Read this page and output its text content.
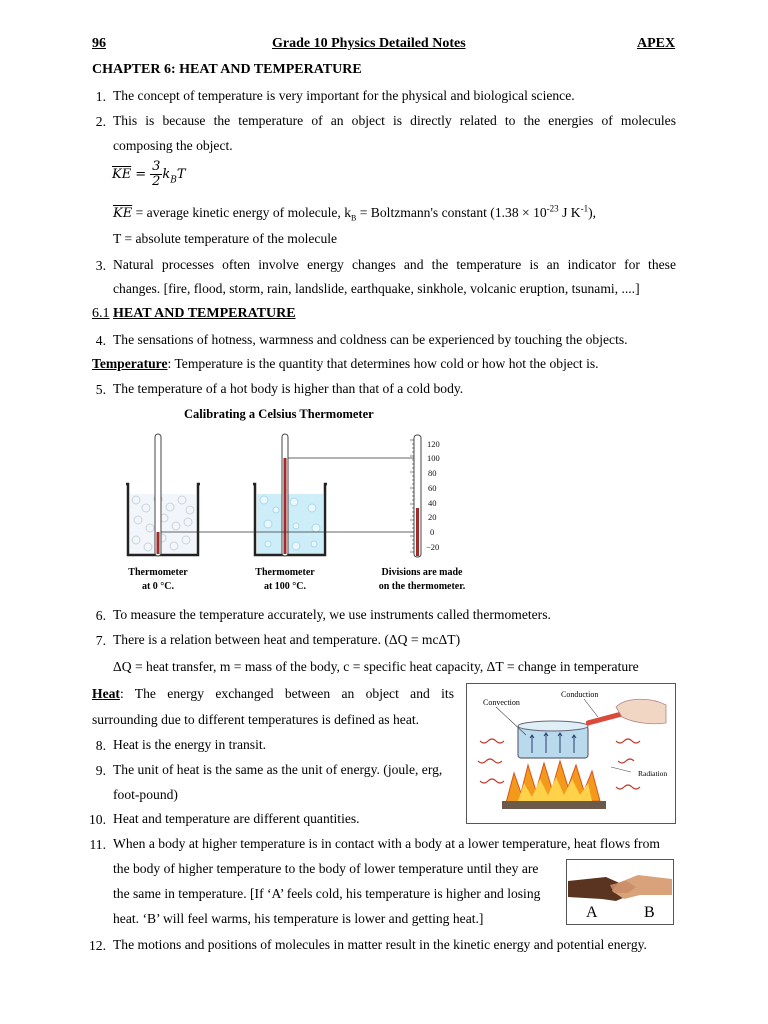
96	Grade 10 Physics Detailed Notes	APEX
CHAPTER 6: HEAT AND TEMPERATURE
1. The concept of temperature is very important for the physical and biological science.
2. This is because the temperature of an object is directly related to the energies of molecules
composing the object.
$\overline{KE} = \frac{3}{2} k_BT$
$\overline{KE}$ = average kinetic energy of molecule, $k_B$ = Boltzmann's constant ($1.38 \times 10^{-23}$ J $K^{-1}$),
T = absolute temperature of the molecule
3. Natural processes often involve energy changes and the temperature is an indicator for these
changes. [fire, flood, storm, rain, landslide, earthquake, sinkhole, volcanic eruption, tsunami, ....]
6.1 HEAT AND TEMPERATURE
4. The sensations of hotness, warmness and coldness can be experienced by touching the objects.
Temperature: Temperature is the quantity that determines how cold or how hot the object is.
5. The temperature of a hot body is higher than that of a cold body.
Calibrating a Celsius Thermometer
120
100
80
60
40
20
0
−20
Thermometer
at 0 °C.
Thermometer
at 100 °C.
Divisions are made
on the thermometer.
6. To measure the temperature accurately, we use instruments called thermometers.
7. There is a relation between heat and temperature. (ΔQ = mcΔT)
ΔQ = heat transfer, m = mass of the body, c = specific heat capacity, ΔT = change in temperature
Heat: The energy exchanged between an object and its
surrounding due to different temperatures is defined as heat.
8. Heat is the energy in transit.
9. The unit of heat is the same as the unit of energy. (joule, erg,
foot-pound)
10. Heat and temperature are different quantities.
Convection
Conduction
Radiation
11. When a body at higher temperature is in contact with a body at a lower temperature, heat flows from
the body of higher temperature to the body of lower temperature until they are
the same in temperature. [If ‘A’ feels cold, his temperature is higher and losing
heat. ‘B’ will feel warms, his temperature is lower and getting heat.]	A	B
12. The motions and positions of molecules in matter result in the kinetic energy and potential energy.
